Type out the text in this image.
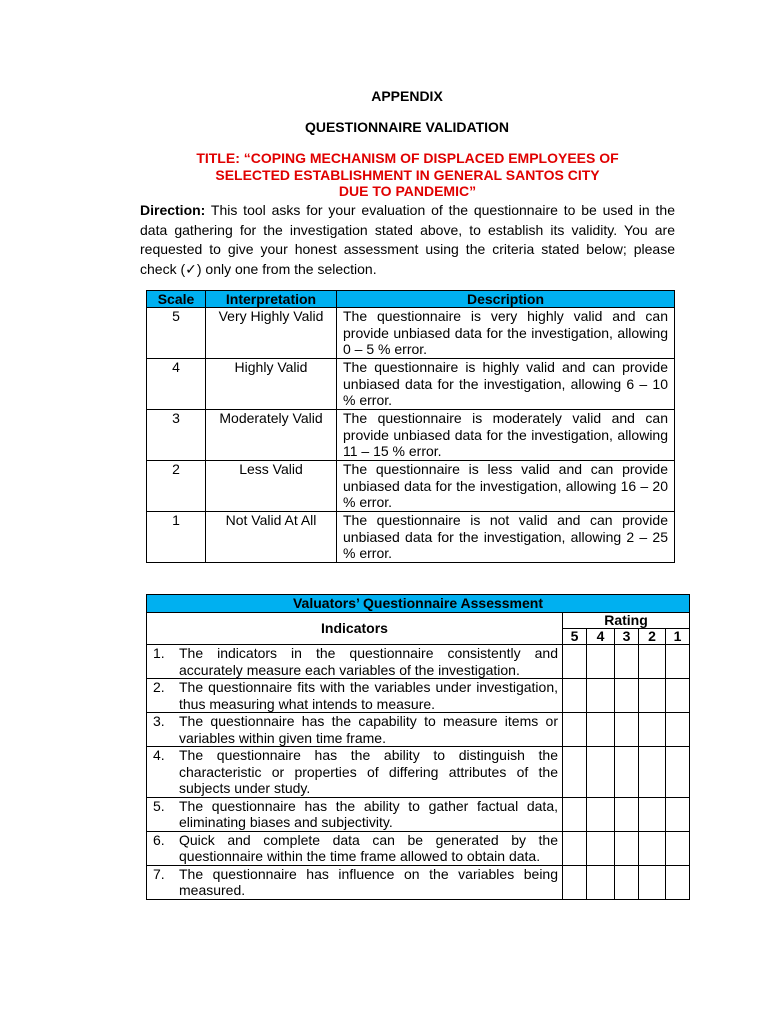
APPENDIX
QUESTIONNAIRE VALIDATION
TITLE: “COPING MECHANISM OF DISPLACED EMPLOYEES OF
SELECTED ESTABLISHMENT IN GENERAL SANTOS CITY
DUE TO PANDEMIC”

Direction: This tool asks for your evaluation of the questionnaire to be used in the data gathering for the investigation stated above, to establish its validity. You are requested to give your honest assessment using the criteria stated below; please check (✓) only one from the selection.

Scale	Interpretation	Description
5	Very Highly Valid	The questionnaire is very highly valid and can provide unbiased data for the investigation, allowing 0 – 5 % error.
4	Highly Valid	The questionnaire is highly valid and can provide unbiased data for the investigation, allowing 6 – 10 % error.
3	Moderately Valid	The questionnaire is moderately valid and can provide unbiased data for the investigation, allowing 11 – 15 % error.
2	Less Valid	The questionnaire is less valid and can provide unbiased data for the investigation, allowing 16 – 20 % error.
1	Not Valid At All	The questionnaire is not valid and can provide unbiased data for the investigation, allowing 2 – 25 % error.
Valuators’ Questionnaire Assessment					
Indicators	Rating				
	5	4	3	2	1

1. The indicators in the questionnaire consistently and accurately measure each variables of the investigation.					

2. The questionnaire fits with the variables under investigation, thus measuring what intends to measure.					

3. The questionnaire has the capability to measure items or variables within given time frame.					

4. The questionnaire has the ability to distinguish the characteristic or properties of differing attributes of the subjects under study.					

5. The questionnaire has the ability to gather factual data, eliminating biases and subjectivity.					

6. Quick and complete data can be generated by the questionnaire within the time frame allowed to obtain data.					

7. The questionnaire has influence on the variables being measured.					
